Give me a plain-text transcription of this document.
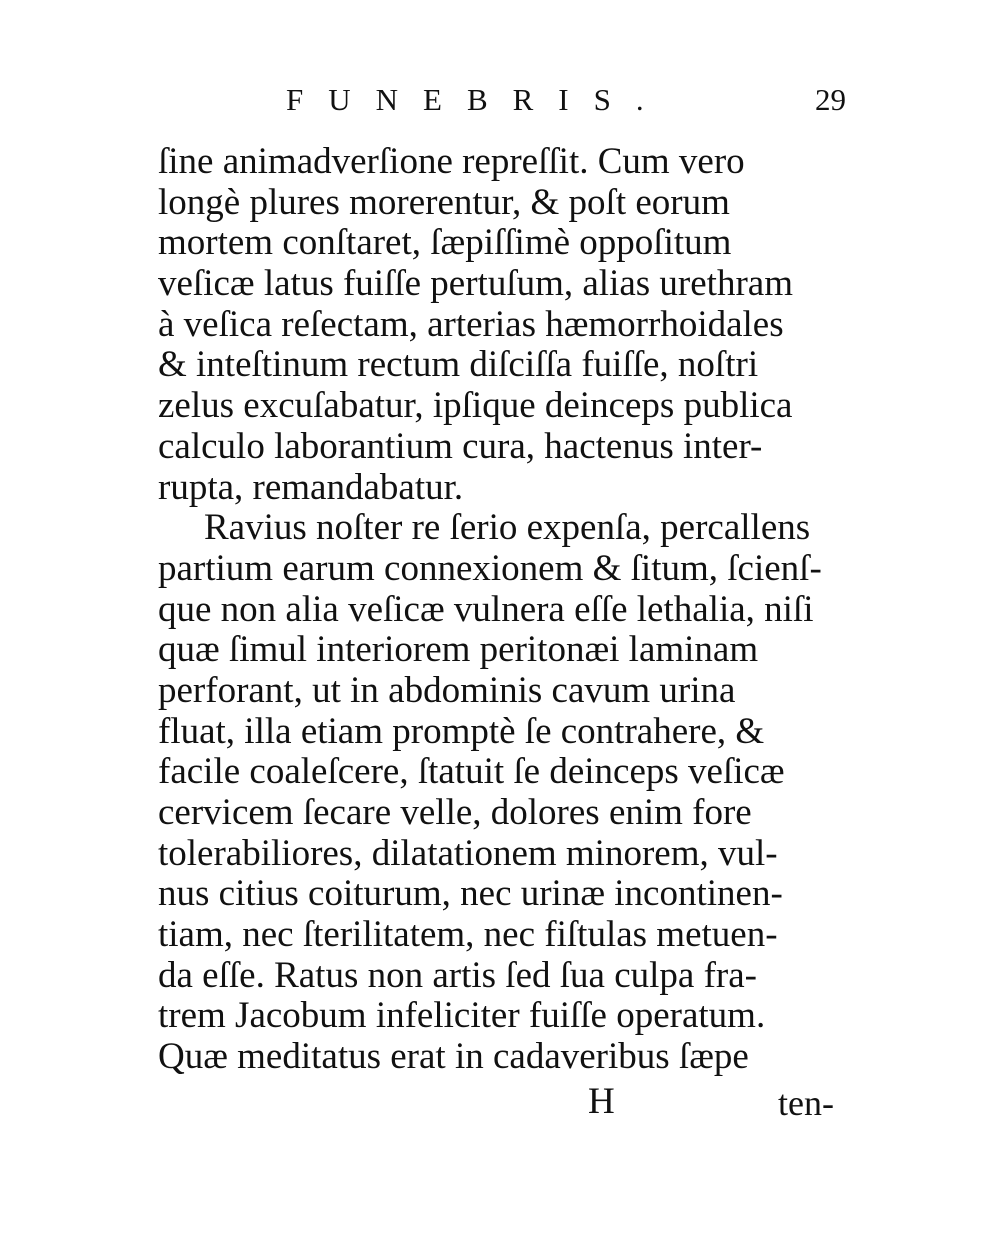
FUNEBRIS.	29
ſine animadverſione repreſſit. Cum vero
longè plures morerentur, & poſt eorum
mortem conſtaret, ſæpiſſimè oppoſitum
veſicæ latus fuiſſe pertuſum, alias urethram
à veſica reſectam, arterias hæmorrhoidales
& inteſtinum rectum diſciſſa fuiſſe, noſtri
zelus excuſabatur, ipſique deinceps publica
calculo laborantium cura, hactenus inter-
rupta, remandabatur.
Ravius noſter re ſerio expenſa, percallens
partium earum connexionem & ſitum, ſcienſ-
que non alia veſicæ vulnera eſſe lethalia, niſi
quæ ſimul interiorem peritonæi laminam
perforant, ut in abdominis cavum urina
fluat, illa etiam promptè ſe contrahere, &
facile coaleſcere, ſtatuit ſe deinceps veſicæ
cervicem ſecare velle, dolores enim fore
tolerabiliores, dilatationem minorem, vul-
nus citius coiturum, nec urinæ incontinen-
tiam, nec ſterilitatem, nec fiſtulas metuen-
da eſſe. Ratus non artis ſed ſua culpa fra-
trem Jacobum infeliciter fuiſſe operatum.
Quæ meditatus erat in cadaveribus ſæpe
H	ten-
